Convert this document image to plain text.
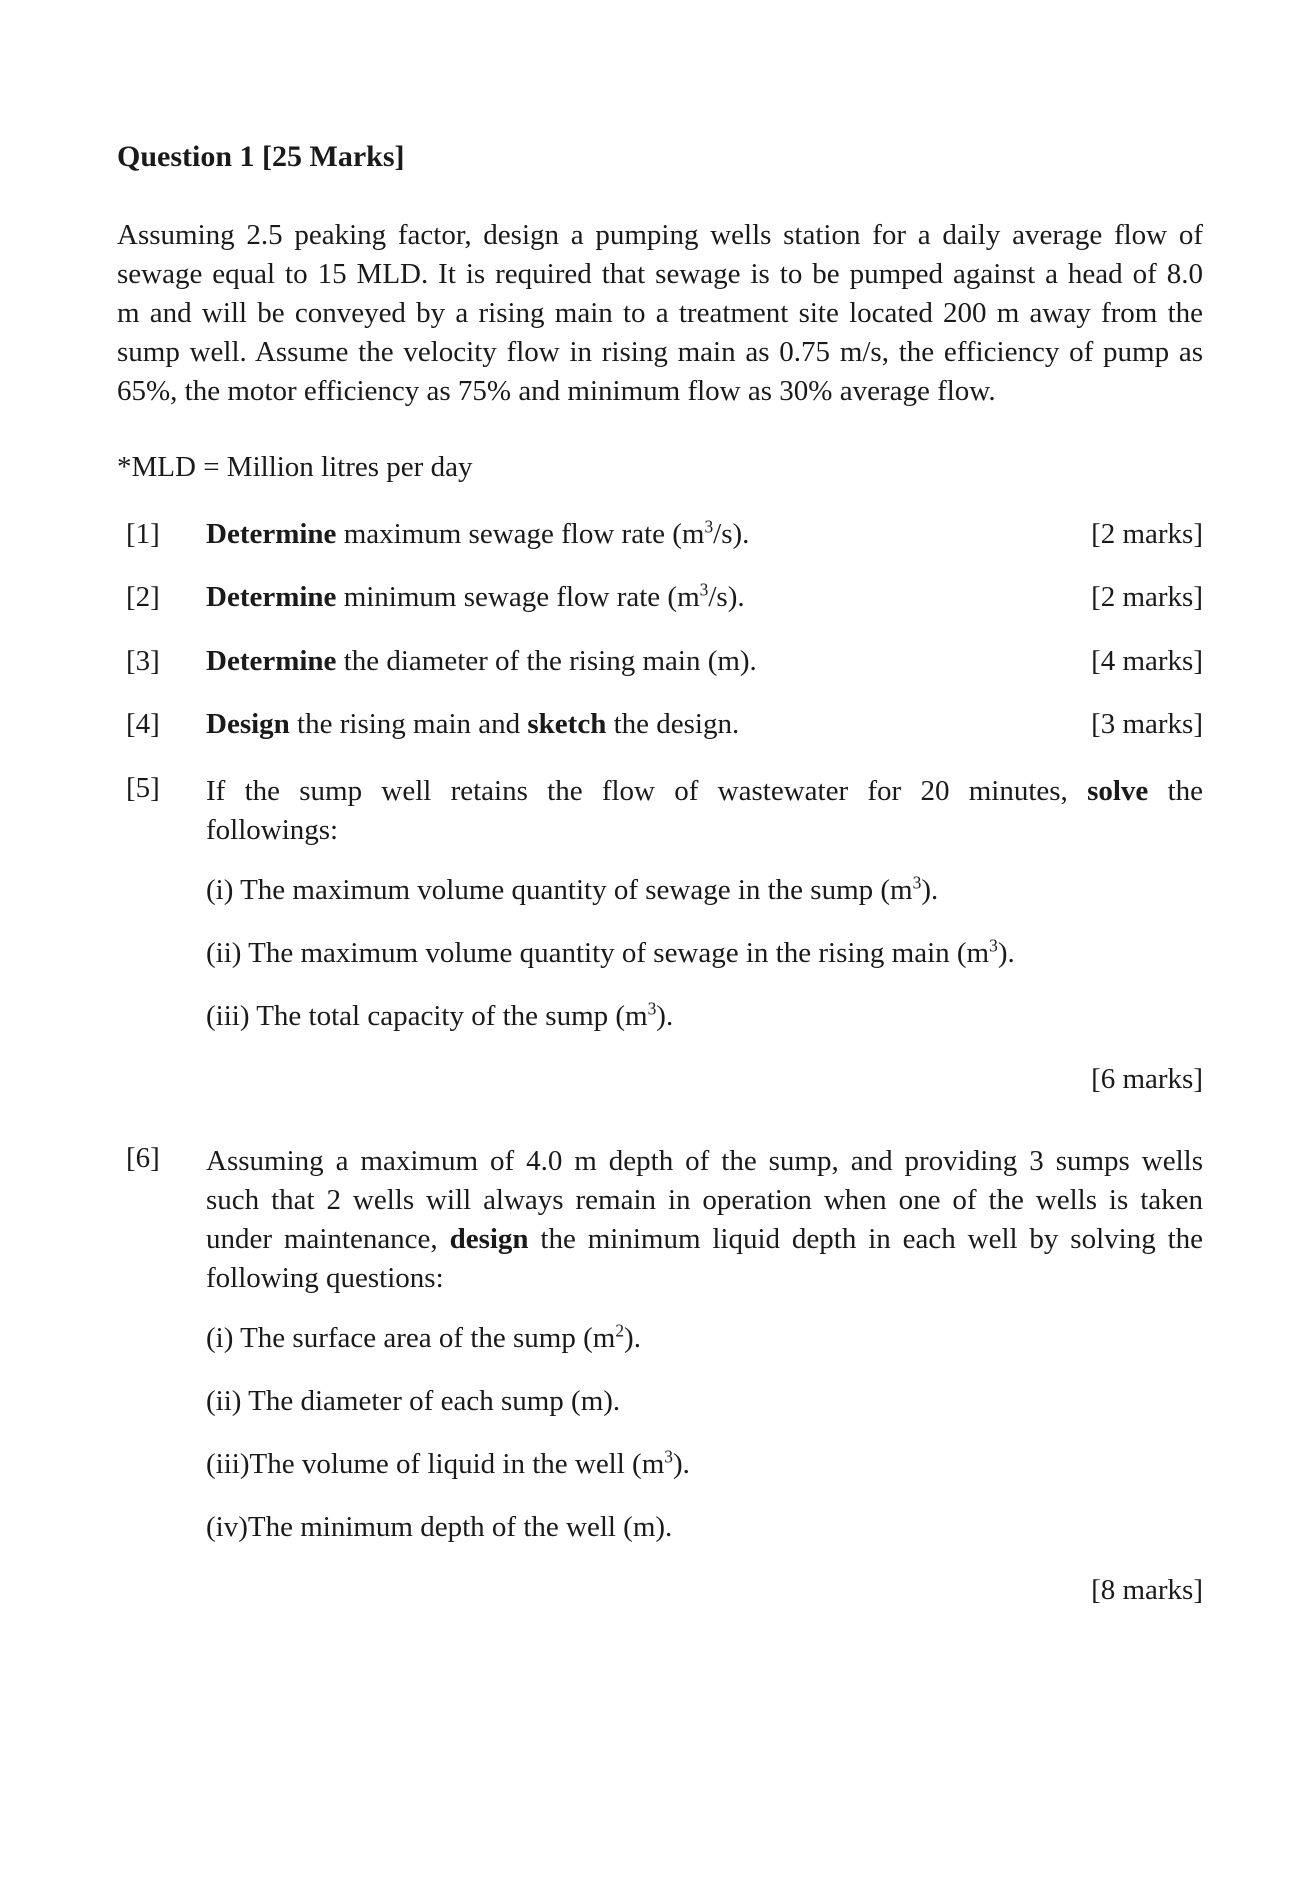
Question 1 [25 Marks]
Assuming 2.5 peaking factor, design a pumping wells station for a daily average flow of
sewage equal to 15 MLD. It is required that sewage is to be pumped against a head of 8.0
m and will be conveyed by a rising main to a treatment site located 200 m away from the
sump well. Assume the velocity flow in rising main as 0.75 m/s, the efficiency of pump as
65%, the motor efficiency as 75% and minimum flow as 30% average flow.
*MLD = Million litres per day
[1] Determine maximum sewage flow rate $(m^3/s)$.	[2 marks]
[2] Determine minimum sewage flow rate $(m^3/s)$.	[2 marks]
[3] Determine the diameter of the rising main (m).	[4 marks]
[4] Design the rising main and sketch the design.	[3 marks]
[5] If the sump well retains the flow of wastewater for 20 minutes, solve the
followings:
(i) The maximum volume quantity of sewage in the sump $(m^3)$.
(ii) The maximum volume quantity of sewage in the rising main $(m^3)$.
(iii) The total capacity of the sump $(m^3)$.
[6 marks]
[6] Assuming a maximum of 4.0 m depth of the sump, and providing 3 sumps wells
such that 2 wells will always remain in operation when one of the wells is taken
under maintenance, design the minimum liquid depth in each well by solving the
following questions:
(i) The surface area of the sump $(m^2)$.
(ii) The diameter of each sump (m).
(iii)The volume of liquid in the well $(m^3)$.
(iv)The minimum depth of the well (m).
[8 marks]
